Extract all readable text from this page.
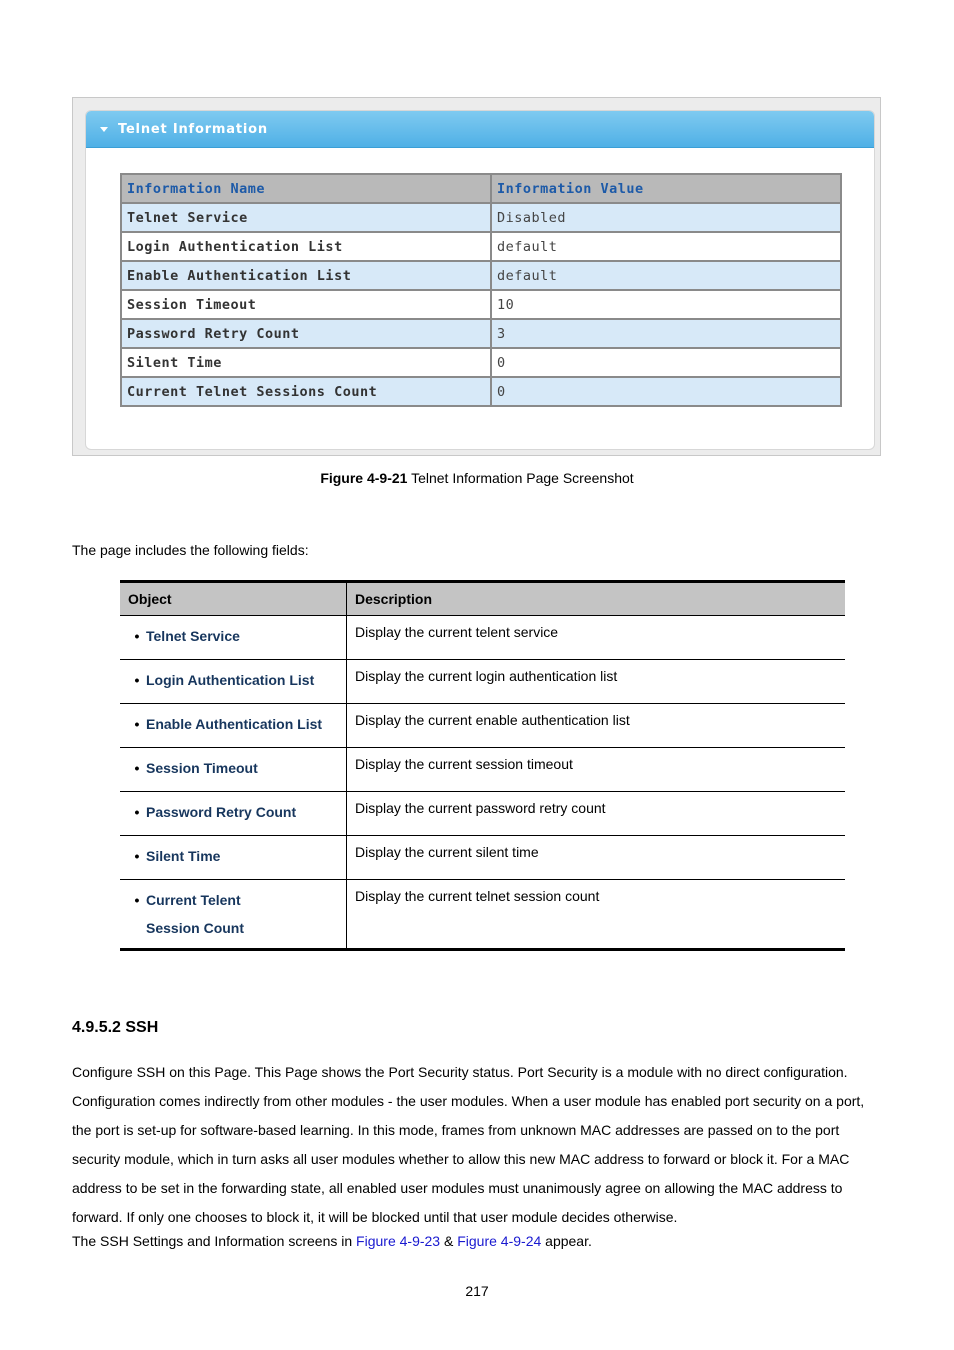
Telnet Information
Information Name	Information Value
Telnet Service	Disabled
Login Authentication List	default
Enable Authentication List	default
Session Timeout	10
Password Retry Count	3
Silent Time	0
Current Telnet Sessions Count	0
Figure 4-9-21 Telnet Information Page Screenshot
The page includes the following fields:
Object	Description

• Telnet Service	Display the current telent service

• Login Authentication List	Display the current login authentication list

• Enable Authentication List	Display the current enable authentication list

• Session Timeout	Display the current session timeout

• Password Retry Count	Display the current password retry count

• Silent Time	Display the current silent time

• Current Telent Session Count	Display the current telnet session count
4.9.5.2 SSH
Configure SSH on this Page. This Page shows the Port Security status. Port Security is a module with no direct configuration. Configuration comes indirectly from other modules - the user modules. When a user module has enabled port security on a port, the port is set-up for software-based learning. In this mode, frames from unknown MAC addresses are passed on to the port security module, which in turn asks all user modules whether to allow this new MAC address to forward or block it. For a MAC address to be set in the forwarding state, all enabled user modules must unanimously agree on allowing the MAC address to forward. If only one chooses to block it, it will be blocked until that user module decides otherwise.
The SSH Settings and Information screens in Figure 4-9-23 & Figure 4-9-24 appear.
217
